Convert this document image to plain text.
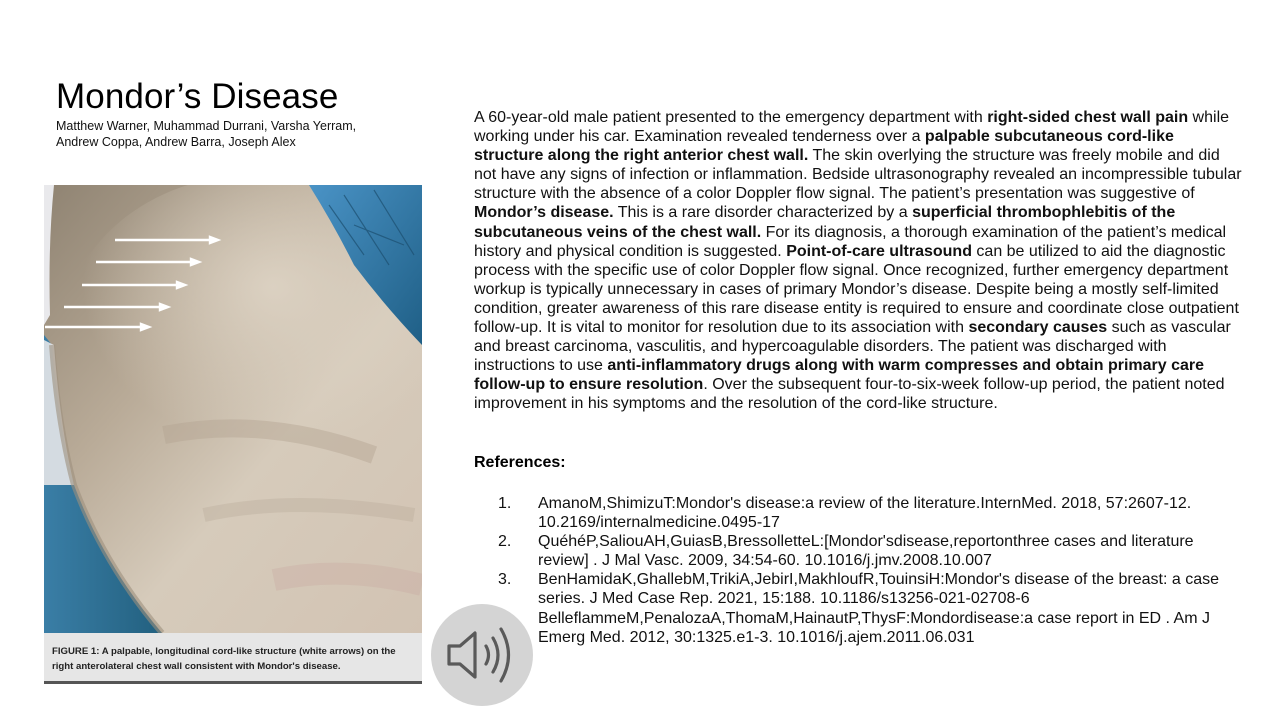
Mondor’s Disease
Matthew Warner, Muhammad Durrani, Varsha Yerram, Andrew Coppa, Andrew Barra, Joseph Alex
FIGURE 1: A palpable, longitudinal cord-like structure (white arrows) on the right anterolateral chest wall consistent with Mondor's disease.
A 60-year-old male patient presented to the emergency department with right-sided chest wall pain while working under his car. Examination revealed tenderness over a palpable subcutaneous cord-like structure along the right anterior chest wall. The skin overlying the structure was freely mobile and did not have any signs of infection or inflammation. Bedside ultrasonography revealed an incompressible tubular structure with the absence of a color Doppler flow signal. The patient’s presentation was suggestive of Mondor’s disease. This is a rare disorder characterized by a superficial thrombophlebitis of the subcutaneous veins of the chest wall. For its diagnosis, a thorough examination of the patient’s medical history and physical condition is suggested. Point-of-care ultrasound can be utilized to aid the diagnostic process with the specific use of color Doppler flow signal. Once recognized, further emergency department workup is typically unnecessary in cases of primary Mondor’s disease. Despite being a mostly self-limited condition, greater awareness of this rare disease entity is required to ensure and coordinate close outpatient follow-up. It is vital to monitor for resolution due to its association with secondary causes such as vascular and breast carcinoma, vasculitis, and hypercoagulable disorders. The patient was discharged with instructions to use anti-inflammatory drugs along with warm compresses and obtain primary care follow-up to ensure resolution. Over the subsequent four-to-six-week follow-up period, the patient noted improvement in his symptoms and the resolution of the cord-like structure.
References:
1. AmanoM,ShimizuT:Mondor's disease:a review of the literature.InternMed. 2018, 57:2607-12. 10.2169/internalmedicine.0495-17
2. QuéhéP,SaliouAH,GuiasB,BressolletteL:[Mondor'sdisease,reportonthree cases and literature review] . J Mal Vasc. 2009, 34:54-60. 10.1016/j.jmv.2008.10.007
3. BenHamidaK,GhallebM,TrikiA,JebirI,MakhloufR,TouinsiH:Mondor's disease of the breast: a case series. J Med Case Rep. 2021, 15:188. 10.1186/s13256-021-02708-6 BelleflammeM,PenalozaA,ThomaM,HainautP,ThysF:Mondordisease:a case report in ED . Am J Emerg Med. 2012, 30:1325.e1-3. 10.1016/j.ajem.2011.06.031
